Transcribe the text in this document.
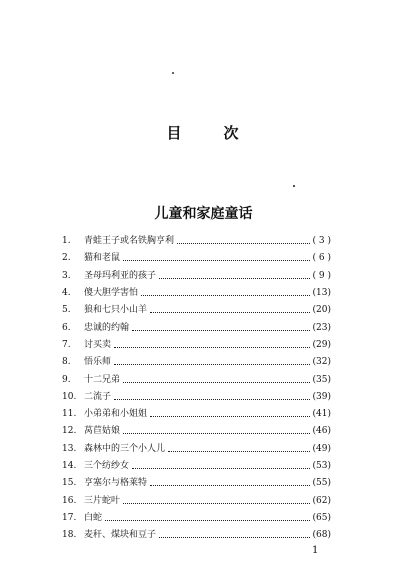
目	次
儿童和家庭童话
1.	青蛙王子或名铁胸亨利	( 3 )
2.	猫和老鼠	( 6 )
3.	圣母玛利亚的孩子	( 9 )
4.	傻大胆学害怕	(13)
5.	狼和七只小山羊	(20)
6.	忠诚的约翰	(23)
7.	讨买卖	(29)
8.	悟乐师	(32)
9.	十二兄弟	(35)
10. 二流子	(39)
11. 小弟弟和小姐姐	(41)
12. 莴苣姑娘	(46)
13. 森林中的三个小人儿	(49)
14. 三个纺纱女	(53)
15. 亨塞尔与格莱特	(55)
16. 三片蛇叶	(62)
17. 白蛇	(65)
18. 麦秆、煤块和豆子	(68)
1
